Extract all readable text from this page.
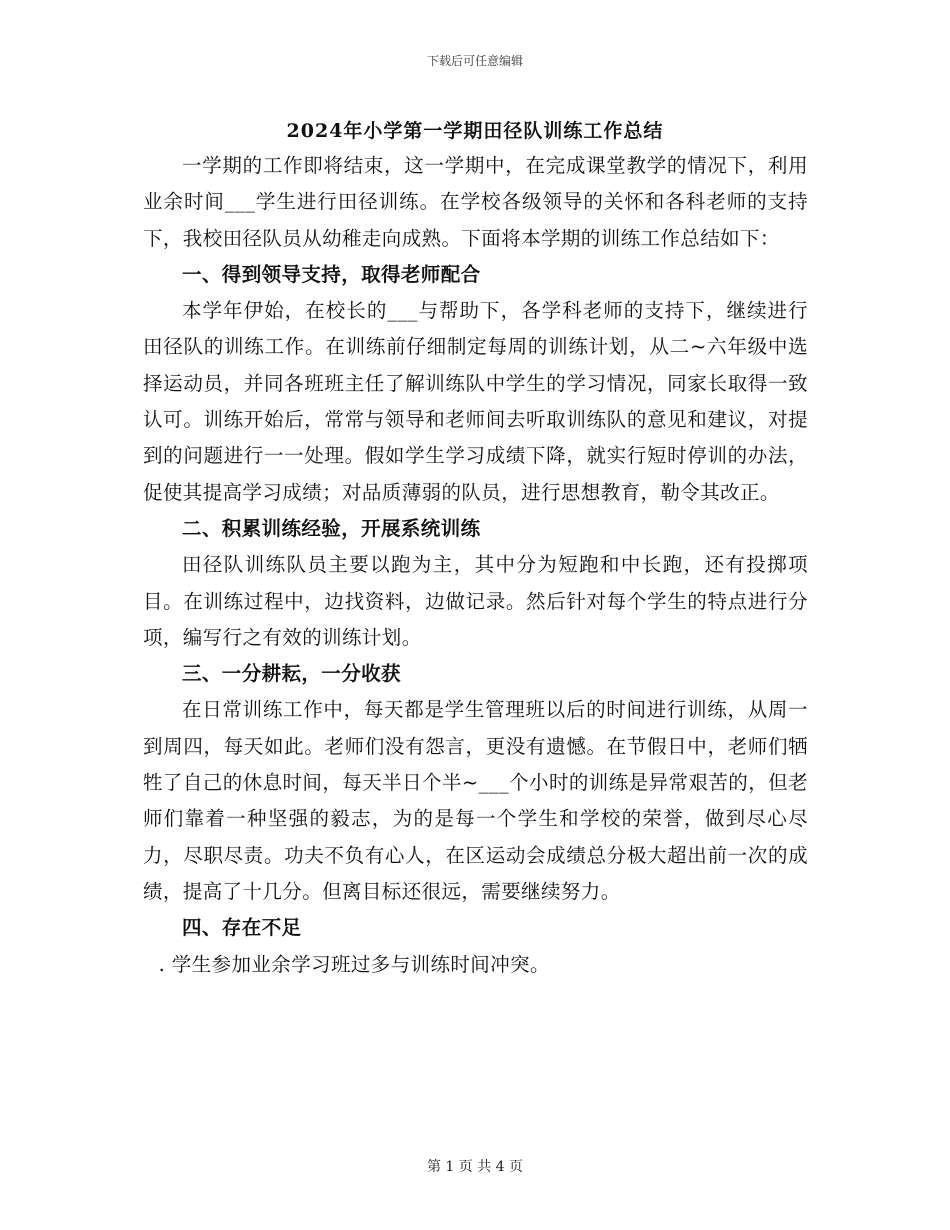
下载后可任意编辑
2024年小学第一学期田径队训练工作总结

一学期的工作即将结束，这一学期中，在完成课堂教学的情况下，利用业余时间___学生进行田径训练。在学校各级领导的关怀和各科老师的支持下，我校田径队员从幼稚走向成熟。下面将本学期的训练工作总结如下：

一、得到领导支持，取得老师配合

本学年伊始，在校长的___与帮助下，各学科老师的支持下，继续进行田径队的训练工作。在训练前仔细制定每周的训练计划，从二~六年级中选择运动员，并同各班班主任了解训练队中学生的学习情况，同家长取得一致认可。训练开始后，常常与领导和老师间去听取训练队的意见和建议，对提到的问题进行一一处理。假如学生学习成绩下降，就实行短时停训的办法，促使其提高学习成绩；对品质薄弱的队员，进行思想教育，勒令其改正。

二、积累训练经验，开展系统训练

田径队训练队员主要以跑为主，其中分为短跑和中长跑，还有投掷项目。在训练过程中，边找资料，边做记录。然后针对每个学生的特点进行分项，编写行之有效的训练计划。

三、一分耕耘，一分收获

在日常训练工作中，每天都是学生管理班以后的时间进行训练，从周一到周四，每天如此。老师们没有怨言，更没有遗憾。在节假日中，老师们牺牲了自己的休息时间，每天半日个半~___个小时的训练是异常艰苦的，但老师们靠着一种坚强的毅志，为的是每一个学生和学校的荣誉，做到尽心尽力，尽职尽责。功夫不负有心人，在区运动会成绩总分极大超出前一次的成绩，提高了十几分。但离目标还很远，需要继续努力。

四、存在不足

. 学生参加业余学习班过多与训练时间冲突。

第 1 页 共 4 页
